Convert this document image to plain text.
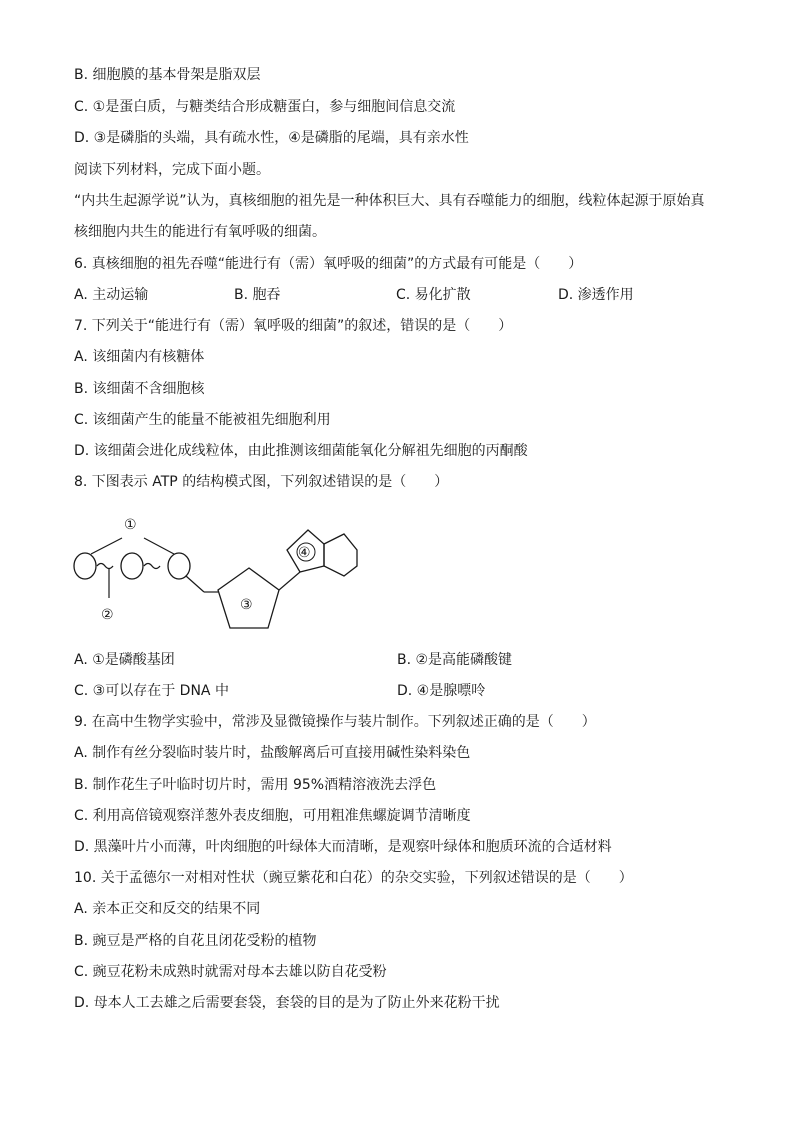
B. 细胞膜的基本骨架是脂双层
C. ①是蛋白质，与糖类结合形成糖蛋白，参与细胞间信息交流
D. ③是磷脂的头端，具有疏水性，④是磷脂的尾端，具有亲水性
阅读下列材料，完成下面小题。
“内共生起源学说”认为，真核细胞的祖先是一种体积巨大、具有吞噬能力的细胞，线粒体起源于原始真
核细胞内共生的能进行有氧呼吸的细菌。
6. 真核细胞的祖先吞噬“能进行有（需）氧呼吸的细菌”的方式最有可能是（　　）
A. 主动运输	B. 胞吞	C. 易化扩散	D. 渗透作用
7. 下列关于“能进行有（需）氧呼吸的细菌”的叙述，错误的是（　　）
A. 该细菌内有核糖体
B. 该细菌不含细胞核
C. 该细菌产生的能量不能被祖先细胞利用
D. 该细菌会进化成线粒体，由此推测该细菌能氧化分解祖先细胞的丙酮酸
8. 下图表示 ATP 的结构模式图，下列叙述错误的是（　　）
①
②
③
④
A. ①是磷酸基团	B. ②是高能磷酸键
C. ③可以存在于 DNA 中	D. ④是腺嘌呤
9. 在高中生物学实验中，常涉及显微镜操作与装片制作。下列叙述正确的是（　　）
A. 制作有丝分裂临时装片时，盐酸解离后可直接用碱性染料染色
B. 制作花生子叶临时切片时，需用 95%酒精溶液洗去浮色
C. 利用高倍镜观察洋葱外表皮细胞，可用粗准焦螺旋调节清晰度
D. 黑藻叶片小而薄，叶肉细胞的叶绿体大而清晰，是观察叶绿体和胞质环流的合适材料
10. 关于孟德尔一对相对性状（豌豆紫花和白花）的杂交实验，下列叙述错误的是（　　）
A. 亲本正交和反交的结果不同
B. 豌豆是严格的自花且闭花受粉的植物
C. 豌豆花粉未成熟时就需对母本去雄以防自花受粉
D. 母本人工去雄之后需要套袋，套袋的目的是为了防止外来花粉干扰
